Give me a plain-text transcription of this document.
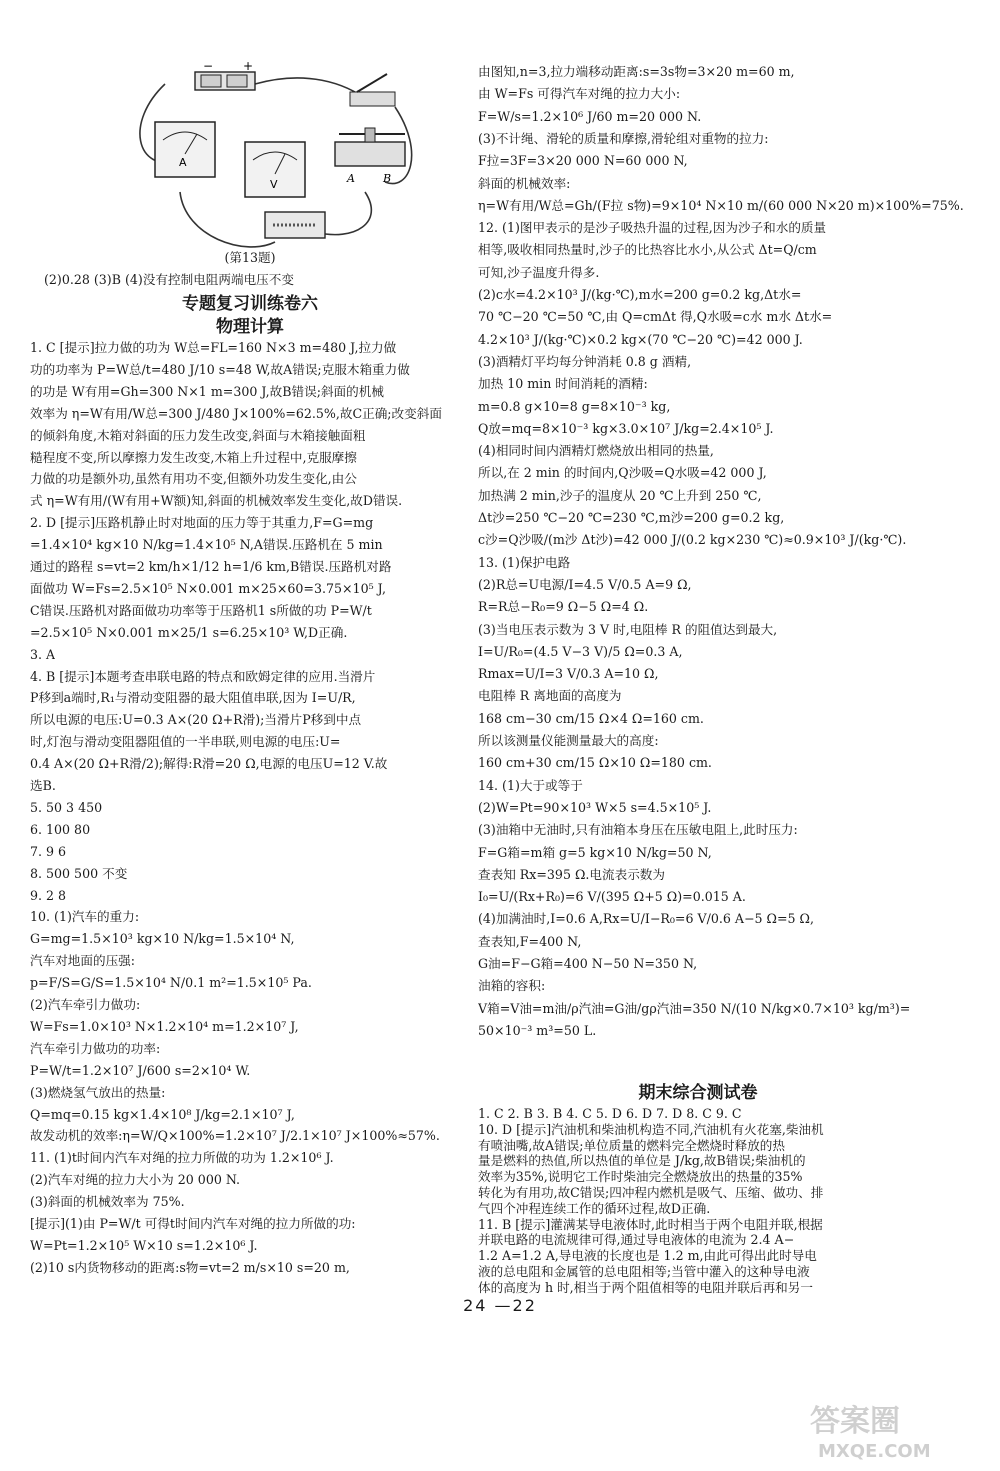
− +
A
V	A	B
(第13题)
(2)0.28 (3)B (4)没有控制电阻两端电压不变
专题复习训练卷六
物理计算
1. C [提示]拉力做的功为 W总=FL=160 N×3 m=480 J,拉力做
功的功率为 P=W总/t=480 J/10 s=48 W,故A错误;克服木箱重力做
的功是 W有用=Gh=300 N×1 m=300 J,故B错误;斜面的机械
效率为 η=W有用/W总=300 J/480 J×100%=62.5%,故C正确;改变斜面
的倾斜角度,木箱对斜面的压力发生改变,斜面与木箱接触面粗
糙程度不变,所以摩擦力发生改变,木箱上升过程中,克服摩擦
力做的功是额外功,虽然有用功不变,但额外功发生变化,由公
式 η=W有用/(W有用+W额)知,斜面的机械效率发生变化,故D错误.
2. D [提示]压路机静止时对地面的压力等于其重力,F=G=mg
=1.4×10⁴ kg×10 N/kg=1.4×10⁵ N,A错误.压路机在 5 min
通过的路程 s=vt=2 km/h×1/12 h=1/6 km,B错误.压路机对路
面做功 W=Fs=2.5×10⁵ N×0.001 m×25×60=3.75×10⁵ J,
C错误.压路机对路面做功功率等于压路机1 s所做的功 P=W/t
=2.5×10⁵ N×0.001 m×25/1 s=6.25×10³ W,D正确.
3. A
4. B [提示]本题考查串联电路的特点和欧姆定律的应用.当滑片
P移到a端时,R₁与滑动变阻器的最大阻值串联,因为 I=U/R,
所以电源的电压:U=0.3 A×(20 Ω+R滑);当滑片P移到中点
时,灯泡与滑动变阻器阻值的一半串联,则电源的电压:U=
0.4 A×(20 Ω+R滑/2);解得:R滑=20 Ω,电源的电压U=12 V.故
选B.
5. 50 3 450
6. 100 80
7. 9 6
8. 500 500 不变
9. 2 8
10. (1)汽车的重力:
G=mg=1.5×10³ kg×10 N/kg=1.5×10⁴ N,
汽车对地面的压强:
p=F/S=G/S=1.5×10⁴ N/0.1 m²=1.5×10⁵ Pa.
(2)汽车牵引力做功:
W=Fs=1.0×10³ N×1.2×10⁴ m=1.2×10⁷ J,
汽车牵引力做功的功率:
P=W/t=1.2×10⁷ J/600 s=2×10⁴ W.
(3)燃烧氢气放出的热量:
Q=mq=0.15 kg×1.4×10⁸ J/kg=2.1×10⁷ J,
故发动机的效率:η=W/Q×100%=1.2×10⁷ J/2.1×10⁷ J×100%≈57%.
11. (1)t时间内汽车对绳的拉力所做的功为 1.2×10⁶ J.
(2)汽车对绳的拉力大小为 20 000 N.
(3)斜面的机械效率为 75%.
[提示](1)由 P=W/t 可得t时间内汽车对绳的拉力所做的功:
W=Pt=1.2×10⁵ W×10 s=1.2×10⁶ J.
(2)10 s内货物移动的距离:s物=vt=2 m/s×10 s=20 m,
由图知,n=3,拉力端移动距离:s=3s物=3×20 m=60 m,
由 W=Fs 可得汽车对绳的拉力大小:
F=W/s=1.2×10⁶ J/60 m=20 000 N.
(3)不计绳、滑轮的质量和摩擦,滑轮组对重物的拉力:
F拉=3F=3×20 000 N=60 000 N,
斜面的机械效率:
η=W有用/W总=Gh/(F拉 s物)=9×10⁴ N×10 m/(60 000 N×20 m)×100%=75%.
12. (1)图甲表示的是沙子吸热升温的过程,因为沙子和水的质量
相等,吸收相同热量时,沙子的比热容比水小,从公式 Δt=Q/cm
可知,沙子温度升得多.
(2)c水=4.2×10³ J/(kg·℃),m水=200 g=0.2 kg,Δt水=
70 ℃−20 ℃=50 ℃,由 Q=cmΔt 得,Q水吸=c水 m水 Δt水=
4.2×10³ J/(kg·℃)×0.2 kg×(70 ℃−20 ℃)=42 000 J.
(3)酒精灯平均每分钟消耗 0.8 g 酒精,
加热 10 min 时间消耗的酒精:
m=0.8 g×10=8 g=8×10⁻³ kg,
Q放=mq=8×10⁻³ kg×3.0×10⁷ J/kg=2.4×10⁵ J.
(4)相同时间内酒精灯燃烧放出相同的热量,
所以,在 2 min 的时间内,Q沙吸=Q水吸=42 000 J,
加热满 2 min,沙子的温度从 20 ℃上升到 250 ℃,
Δt沙=250 ℃−20 ℃=230 ℃,m沙=200 g=0.2 kg,
c沙=Q沙吸/(m沙 Δt沙)=42 000 J/(0.2 kg×230 ℃)≈0.9×10³ J/(kg·℃).
13. (1)保护电路
(2)R总=U电源/I=4.5 V/0.5 A=9 Ω,
R=R总−R₀=9 Ω−5 Ω=4 Ω.
(3)当电压表示数为 3 V 时,电阻棒 R 的阻值达到最大,
I=U/R₀=(4.5 V−3 V)/5 Ω=0.3 A,
Rmax=U/I=3 V/0.3 A=10 Ω,
电阻棒 R 离地面的高度为
168 cm−30 cm/15 Ω×4 Ω=160 cm.
所以该测量仪能测量最大的高度:
160 cm+30 cm/15 Ω×10 Ω=180 cm.
14. (1)大于或等于
(2)W=Pt=90×10³ W×5 s=4.5×10⁵ J.
(3)油箱中无油时,只有油箱本身压在压敏电阻上,此时压力:
F=G箱=m箱 g=5 kg×10 N/kg=50 N,
查表知 Rx=395 Ω.电流表示数为
I₀=U/(Rx+R₀)=6 V/(395 Ω+5 Ω)=0.015 A.
(4)加满油时,I=0.6 A,Rx=U/I−R₀=6 V/0.6 A−5 Ω=5 Ω,
查表知,F=400 N,
G油=F−G箱=400 N−50 N=350 N,
油箱的容积:
V箱=V油=m油/ρ汽油=G油/gρ汽油=350 N/(10 N/kg×0.7×10³ kg/m³)=
50×10⁻³ m³=50 L.
期末综合测试卷
1. C 2. B 3. B 4. C 5. D 6. D 7. D 8. C 9. C
10. D [提示]汽油机和柴油机构造不同,汽油机有火花塞,柴油机
有喷油嘴,故A错误;单位质量的燃料完全燃烧时释放的热
量是燃料的热值,所以热值的单位是 J/kg,故B错误;柴油机的
效率为35%,说明它工作时柴油完全燃烧放出的热量的35%
转化为有用功,故C错误;四冲程内燃机是吸气、压缩、做功、排
气四个冲程连续工作的循环过程,故D正确.
11. B [提示]灌满某导电液体时,此时相当于两个电阻并联,根据
并联电路的电流规律可得,通过导电液体的电流为 2.4 A−
1.2 A=1.2 A,导电液的长度也是 1.2 m,由此可得出此时导电
液的总电阻和金属管的总电阻相等;当管中灌入的这种导电液
体的高度为 h 时,相当于两个阻值相等的电阻并联后再和另一
24 —22
答案圈
MXQE.COM
